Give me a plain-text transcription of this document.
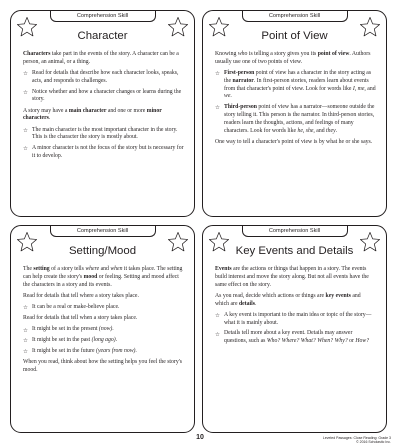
Comprehension Skill
Character

Characters take part in the events of the story. A character can be a person, an animal, or a thing.

☆ Read for details that describe how each character looks, speaks, acts, and responds to challenges.
☆ Notice whether and how a character changes or learns during the story.

A story may have a main character and one or more minor characters.

☆ The main character is the most important character in the story. This is the character the story is mostly about.
☆ A minor character is not the focus of the story but is necessary for it to develop.
Comprehension Skill
Point of View

Knowing who is telling a story gives you its point of view. Authors usually use one of two points of view.

☆ First-person point of view has a character in the story acting as the narrator. In first-person stories, readers learn about events from that character's point of view. Look for words like I, me, and we.
☆ Third-person point of view has a narrator—someone outside the story telling it. This person is the narrator. In third-person stories, readers learn the thoughts, actions, and feelings of many characters. Look for words like he, she, and they.

One way to tell a character's point of view is by what he or she says.

Comprehension Skill
Setting/Mood

The setting of a story tells where and when it takes place. The setting can help create the story's mood or feeling. Setting and mood affect the characters in a story and its events.

Read for details that tell where a story takes place.

☆ It can be a real or make-believe place.

Read for details that tell when a story takes place.

☆ It might be set in the present (now).
☆ It might be set in the past (long ago).
☆ It might be set in the future (years from now).

When you read, think about how the setting helps you feel the story's mood.

Comprehension Skill
Key Events and Details

Events are the actions or things that happen in a story. The events build interest and move the story along. But not all events have the same effect on the story.

As you read, decide which actions or things are key events and which are details.

☆ A key event is important to the main idea or topic of the story—what it is mainly about.
☆ Details tell more about a key event. Details may answer questions, such as Who? Where? What? When? Why? or How?
10	Leveled Passages: Close Reading: Grade 3
© 2016 Scholastic Inc.
